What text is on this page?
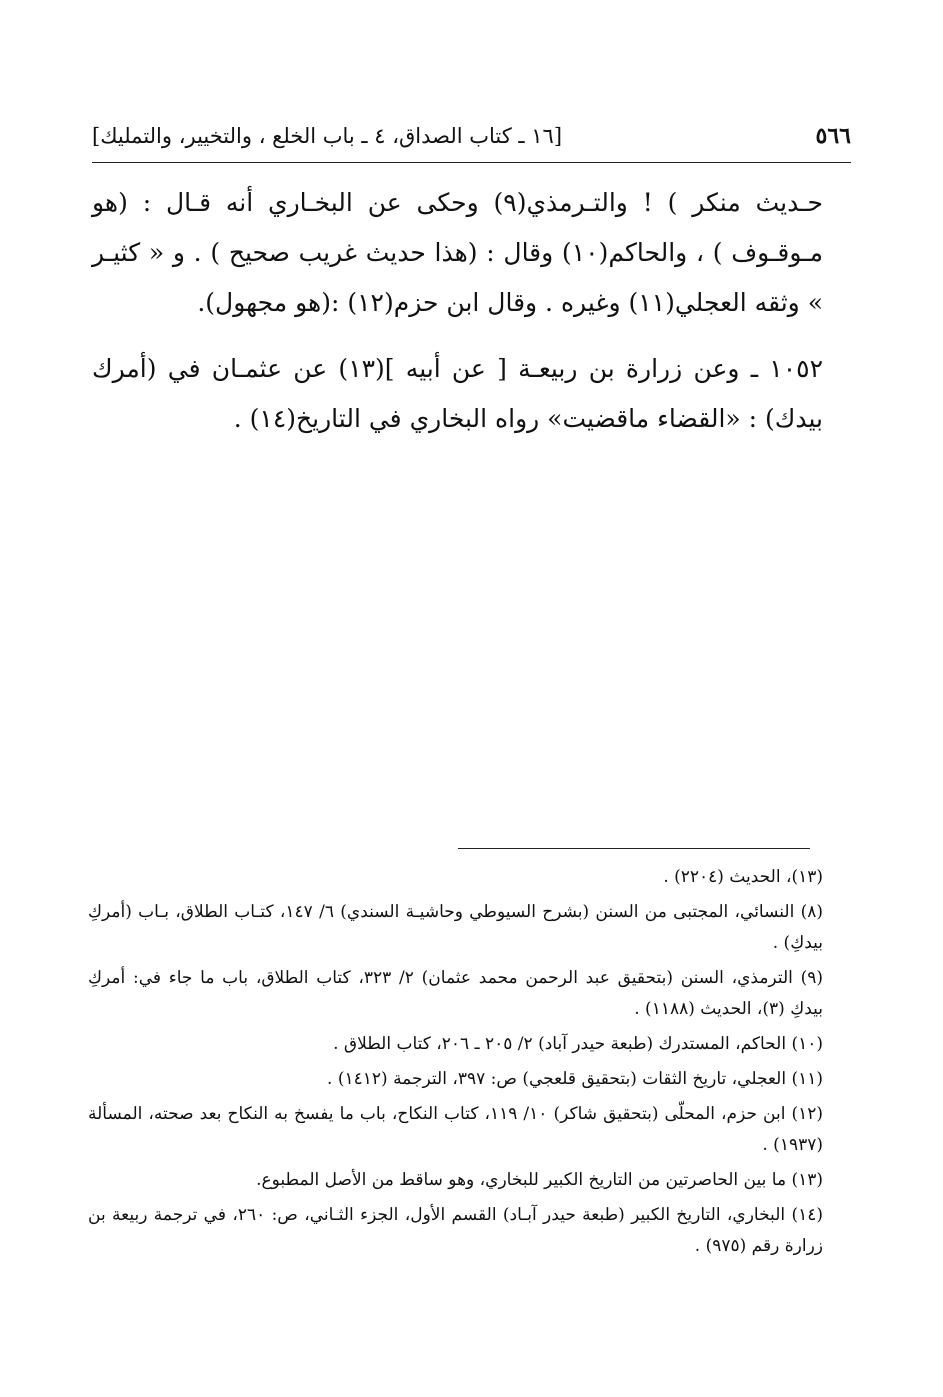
٥٦٦
[١٦ ـ كتاب الصداق، ٤ ـ باب الخلع ، والتخيير، والتمليك]

حـديث منكر ) ! والتـرمذي(٩) وحكى عن البخـاري أنه قـال : (هو مـوقـوف ) ، والحاكم(١٠) وقال : (هذا حديث غريب صحيح ) . و « كثيـر » وثقه العجلي(١١) وغيره . وقال ابن حزم(١٢) :(هو مجهول).

١٠٥٢ ـ وعن زرارة بن ربيعـة [ عن أبيه ](١٣) عن عثمـان في (أمرك بيدك) : «القضاء ماقضيت» رواه البخاري في التاريخ(١٤) .

(١٣)، الحديث (٢٢٠٤) .

(٨) النسائي، المجتبى من السنن (بشرح السيوطي وحاشيـة السندي) ٦/ ١٤٧، كتـاب الطلاق، بـاب (أمركِ بيدكِ) .

(٩) الترمذي، السنن (بتحقيق عبد الرحمن محمد عثمان) ٢/ ٣٢٣، كتاب الطلاق، باب ما جاء في: أمركِ بيدكِ (٣)، الحديث (١١٨٨) .

(١٠) الحاكم، المستدرك (طبعة حيدر آباد) ٢/ ٢٠٥ ـ ٢٠٦، كتاب الطلاق .

(١١) العجلي، تاريخ الثقات (بتحقيق قلعجي) ص: ٣٩٧، الترجمة (١٤١٢) .

(١٢) ابن حزم، المحلّى (بتحقيق شاكر) ١٠/ ١١٩، كتاب النكاح، باب ما يفسخ به النكاح بعد صحته، المسألة (١٩٣٧) .

(١٣) ما بين الحاصرتين من التاريخ الكبير للبخاري، وهو ساقط من الأصل المطبوع.

(١٤) البخاري، التاريخ الكبير (طبعة حيدر آبـاد) القسم الأول، الجزء الثـاني، ص: ٢٦٠، في ترجمة ربيعة بن زرارة رقم (٩٧٥) .
